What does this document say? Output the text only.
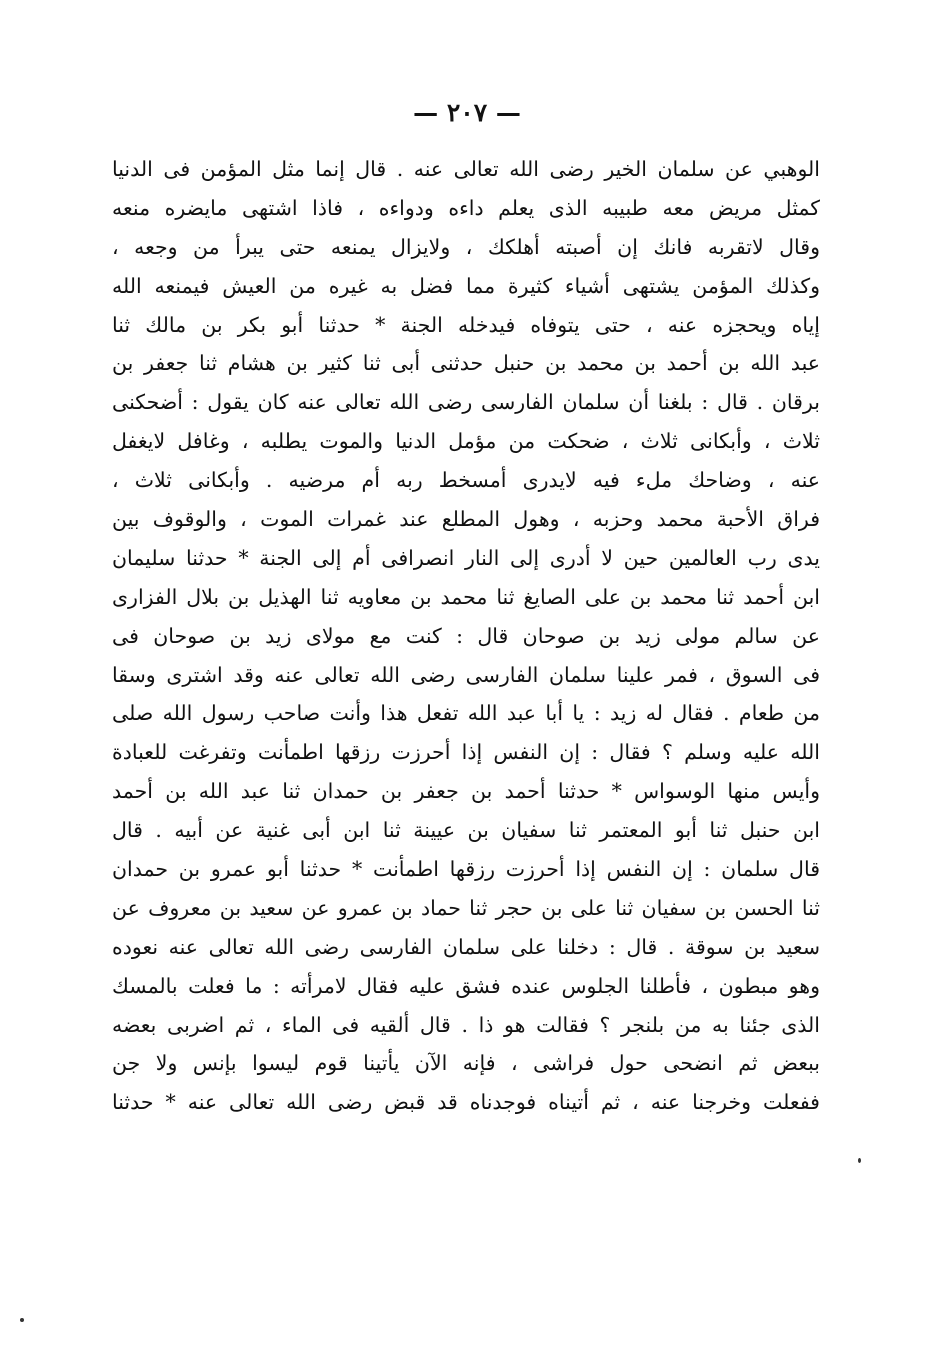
— ٢٠٧ —
الوهبي عن سلمان الخير رضى الله تعالى عنه . قال إنما مثل المؤمن فى الدنيا
كمثل مريض معه طبيبه الذى يعلم داءه ودواءه ، فاذا اشتهى مايضره منعه
وقال لاتقربه فانك إن أصبته أهلكك ، ولايزال يمنعه حتى يبرأ من وجعه ،
وكذلك المؤمن يشتهى أشياء كثيرة مما فضل به غيره من العيش فيمنعه الله
إياه ويحجزه عنه ، حتى يتوفاه فيدخله الجنة * حدثنا أبو بكر بن مالك ثنا
عبد الله بن أحمد بن محمد بن حنبل حدثنى أبى ثنا كثير بن هشام ثنا جعفر بن
برقان . قال : بلغنا أن سلمان الفارسى رضى الله تعالى عنه كان يقول : أضحكنى
ثلاث ، وأبكانى ثلاث ، ضحكت من مؤمل الدنيا والموت يطلبه ، وغافل لايغفل
عنه ، وضاحك ملء فيه لايدرى أمسخط ربه أم مرضيه . وأبكانى ثلاث ،
فراق الأحبة محمد وحزبه ، وهول المطلع عند غمرات الموت ، والوقوف بين
يدى رب العالمين حين لا أدرى إلى النار انصرافى أم إلى الجنة * حدثنا سليمان
ابن أحمد ثنا محمد بن على الصايغ ثنا محمد بن معاويه ثنا الهذيل بن بلال الفزارى
عن سالم مولى زيد بن صوحان قال : كنت مع مولاى زيد بن صوحان فى
فى السوق ، فمر علينا سلمان الفارسى رضى الله تعالى عنه وقد اشترى وسقا
من طعام . فقال له زيد : يا أبا عبد الله تفعل هذا وأنت صاحب رسول الله صلى
الله عليه وسلم ؟ فقال : إن النفس إذا أحرزت رزقها اطمأنت وتفرغت للعبادة
وأيس منها الوسواس * حدثنا أحمد بن جعفر بن حمدان ثنا عبد الله بن أحمد
ابن حنبل ثنا أبو المعتمر ثنا سفيان بن عيينة ثنا ابن أبى غنية عن أبيه . قال
قال سلمان : إن النفس إذا أحرزت رزقها اطمأنت * حدثنا أبو عمرو بن حمدان
ثنا الحسن بن سفيان ثنا على بن حجر ثنا حماد بن عمرو عن سعيد بن معروف عن
سعيد بن سوقة . قال : دخلنا على سلمان الفارسى رضى الله تعالى عنه نعوده
وهو مبطون ، فأطلنا الجلوس عنده فشق عليه فقال لامرأته : ما فعلت بالمسك
الذى جئنا به من بلنجر ؟ فقالت هو ذا . قال ألقيه فى الماء ، ثم اضربى بعضه
ببعض ثم انضحى حول فراشى ، فإنه الآن يأتينا قوم ليسوا بإنس ولا جن
ففعلت وخرجنا عنه ، ثم أتيناه فوجدناه قد قبض رضى الله تعالى عنه * حدثنا
